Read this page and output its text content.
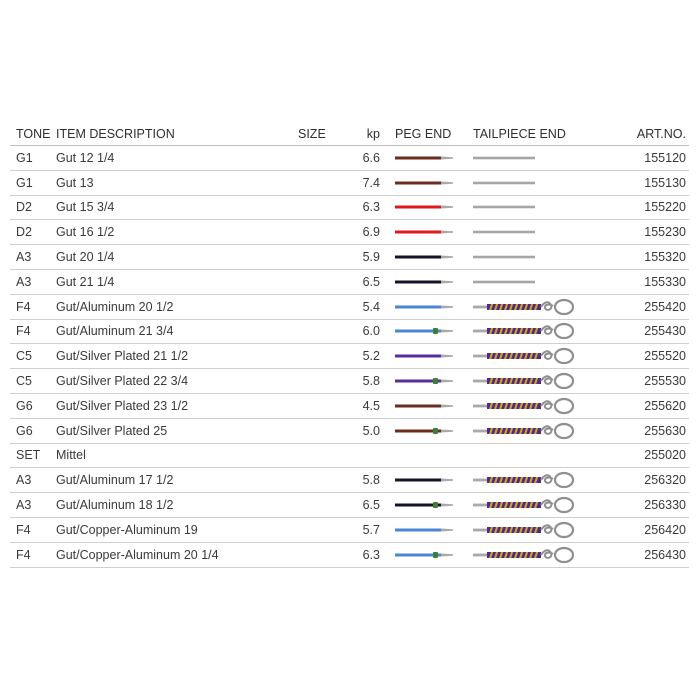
TONE ITEM DESCRIPTION	SIZE	kp PEG END	TAILPIECE END	ART.NO.
G1	Gut 12 1/4	6.6	155120
G1	Gut 13	7.4	155130
D2	Gut 15 3/4	6.3	155220
D2	Gut 16 1/2	6.9	155230
A3	Gut 20 1/4	5.9	155320
A3	Gut 21 1/4	6.5	155330
F4	Gut/Aluminum 20 1/2	5.4	255420
F4	Gut/Aluminum 21 3/4	6.0	255430
C5	Gut/Silver Plated 21 1/2	5.2	255520
C5	Gut/Silver Plated 22 3/4	5.8	255530
G6	Gut/Silver Plated 23 1/2	4.5	255620
G6	Gut/Silver Plated 25	5.0	255630
SET	Mittel	255020
A3	Gut/Aluminum 17 1/2	5.8	256320
A3	Gut/Aluminum 18 1/2	6.5	256330
F4	Gut/Copper-Aluminum 19	5.7	256420
F4	Gut/Copper-Aluminum 20 1/4	6.3	256430
